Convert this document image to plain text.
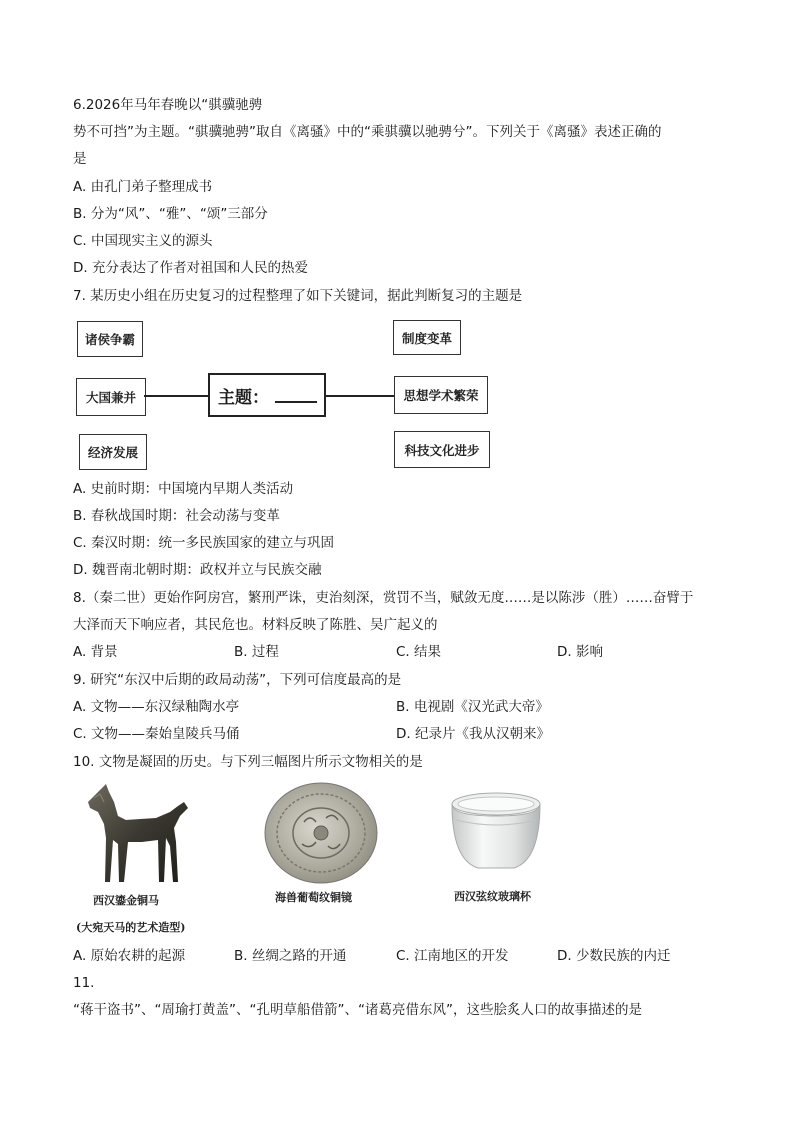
6.2026年马年春晚以“骐骥驰骋
势不可挡”为主题。“骐骥驰骋”取自《离骚》中的“乘骐骥以驰骋兮”。下列关于《离骚》表述正确的
是
A. 由孔门弟子整理成书
B. 分为“风”、“雅”、“颂”三部分
C. 中国现实主义的源头
D. 充分表达了作者对祖国和人民的热爱
7. 某历史小组在历史复习的过程整理了如下关键词，据此判断复习的主题是
诸侯争霸
大国兼并
经济发展
主题：
制度变革
思想学术繁荣
科技文化进步
A. 史前时期：中国境内早期人类活动
B. 春秋战国时期：社会动荡与变革
C. 秦汉时期：统一多民族国家的建立与巩固
D. 魏晋南北朝时期：政权并立与民族交融
8.（秦二世）更始作阿房宫，繁刑严诛，吏治刻深，赏罚不当，赋敛无度……是以陈涉（胜）……奋臂于
大泽而天下响应者，其民危也。材料反映了陈胜、吴广起义的
A. 背景	B. 过程	C. 结果	D. 影响
9. 研究“东汉中后期的政局动荡”，下列可信度最高的是
A. 文物——东汉绿釉陶水亭	B. 电视剧《汉光武大帝》
C. 文物——秦始皇陵兵马俑	D. 纪录片《我从汉朝来》
10. 文物是凝固的历史。与下列三幅图片所示文物相关的是
西汉鎏金铜马	海兽葡萄纹铜镜	西汉弦纹玻璃杯
(大宛天马的艺术造型)
A. 原始农耕的起源	B. 丝绸之路的开通	C. 江南地区的开发	D. 少数民族的内迁
11.
“蒋干盗书”、“周瑜打黄盖”、“孔明草船借箭”、“诸葛亮借东风”，这些脍炙人口的故事描述的是
